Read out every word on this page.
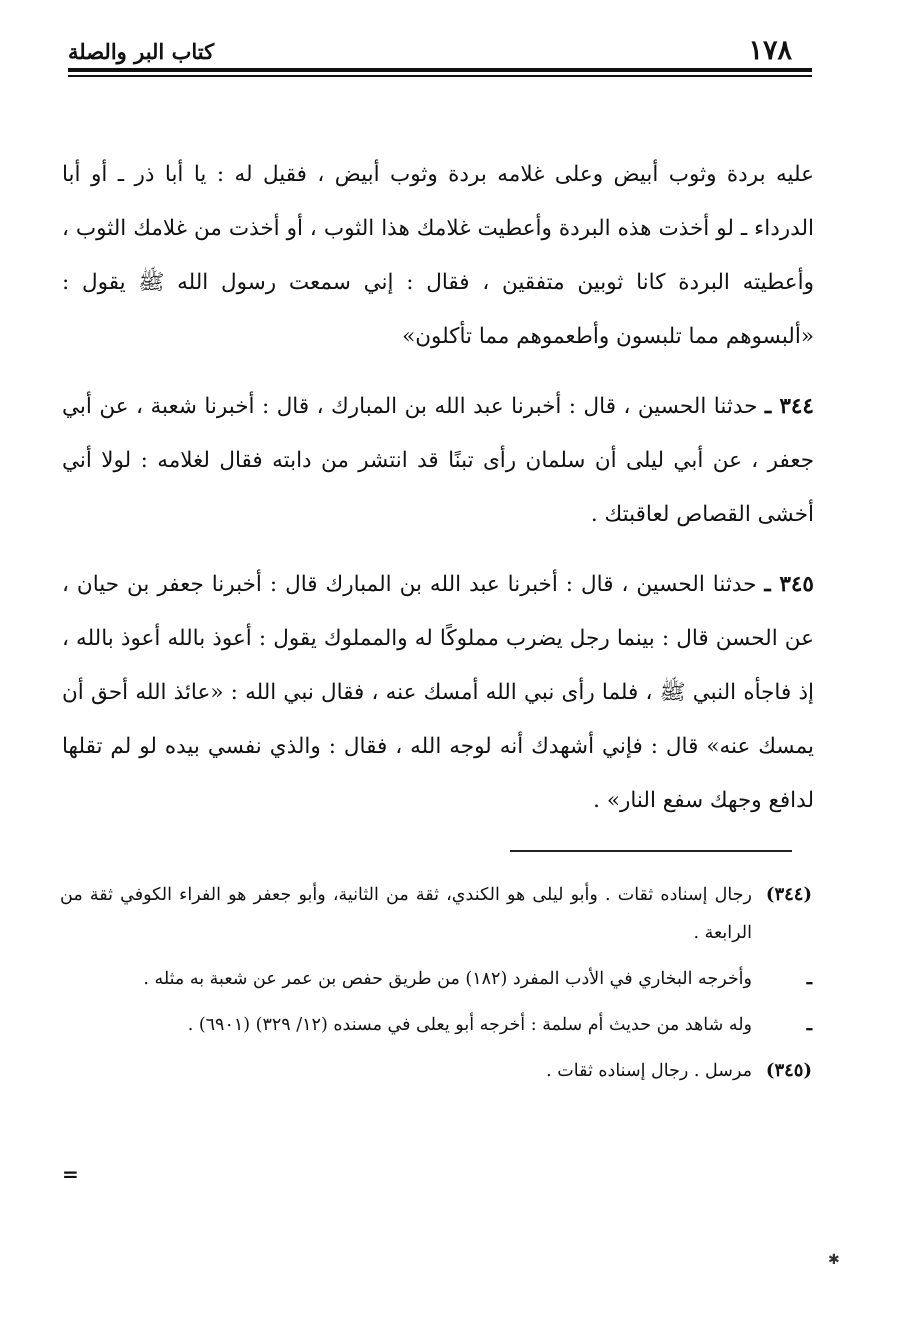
١٧٨
كتاب البر والصلة

عليه بردة وثوب أبيض وعلى غلامه بردة وثوب أبيض ، فقيل له : يا أبا ذر ـ أو أبا الدرداء ـ لو أخذت هذه البردة وأعطيت غلامك هذا الثوب ، أو أخذت من غلامك الثوب ، وأعطيته البردة كانا ثوبين متفقين ، فقال : إني سمعت رسول الله ﷺ يقول : «ألبسوهم مما تلبسون وأطعموهم مما تأكلون»

٣٤٤ ـ حدثنا الحسين ، قال : أخبرنا عبد الله بن المبارك ، قال : أخبرنا شعبة ، عن أبي جعفر ، عن أبي ليلى أن سلمان رأى تبنًا قد انتشر من دابته فقال لغلامه : لولا أني أخشى القصاص لعاقبتك .

٣٤٥ ـ حدثنا الحسين ، قال : أخبرنا عبد الله بن المبارك قال : أخبرنا جعفر بن حيان ، عن الحسن قال : بينما رجل يضرب مملوكًا له والمملوك يقول : أعوذ بالله أعوذ بالله ، إذ فاجأه النبي ﷺ ، فلما رأى نبي الله أمسك عنه ، فقال نبي الله : «عائذ الله أحق أن يمسك عنه» قال : فإني أشهدك أنه لوجه الله ، فقال : والذي نفسي بيده لو لم تقلها لدافع وجهك سفع النار» .

(٣٤٤)
رجال إسناده ثقات . وأبو ليلى هو الكندي، ثقة من الثانية، وأبو جعفر هو الفراء الكوفي ثقة من الرابعة .
ـ
وأخرجه البخاري في الأدب المفرد (١٨٢) من طريق حفص بن عمر عن شعبة به مثله .
ـ
وله شاهد من حديث أم سلمة : أخرجه أبو يعلى في مسنده (١٢/ ٣٢٩) (٦٩٠١) .
(٣٤٥)
مرسل . رجال إسناده ثقات .
=
✱
